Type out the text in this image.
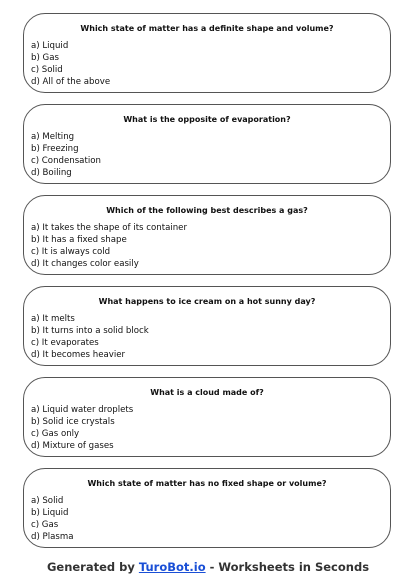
Which state of matter has a definite shape and volume?
a) Liquid
b) Gas
c) Solid
d) All of the above
What is the opposite of evaporation?
a) Melting
b) Freezing
c) Condensation
d) Boiling
Which of the following best describes a gas?
a) It takes the shape of its container
b) It has a fixed shape
c) It is always cold
d) It changes color easily
What happens to ice cream on a hot sunny day?
a) It melts
b) It turns into a solid block
c) It evaporates
d) It becomes heavier
What is a cloud made of?
a) Liquid water droplets
b) Solid ice crystals
c) Gas only
d) Mixture of gases
Which state of matter has no fixed shape or volume?
a) Solid
b) Liquid
c) Gas
d) Plasma
Generated by TuroBot.io - Worksheets in Seconds
